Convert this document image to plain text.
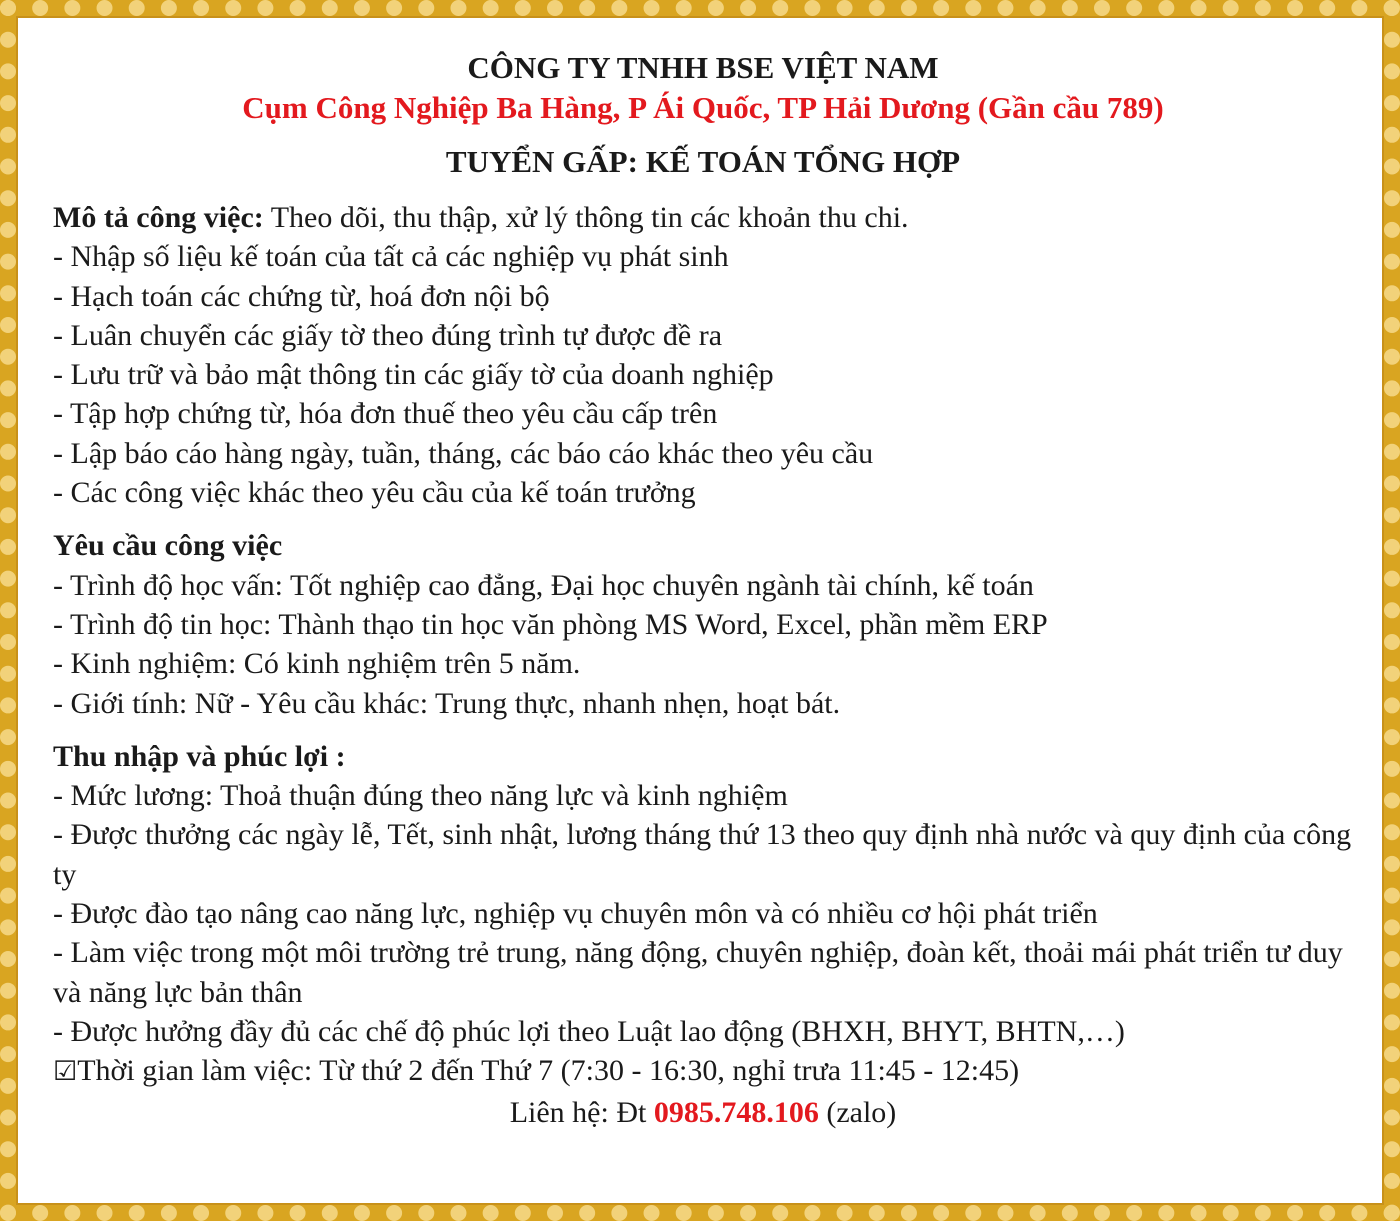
CÔNG TY TNHH BSE VIỆT NAM

Cụm Công Nghiệp Ba Hàng, P Ái Quốc, TP Hải Dương (Gần cầu 789)

TUYỂN GẤP: KẾ TOÁN TỔNG HỢP

Mô tả công việc: Theo dõi, thu thập, xử lý thông tin các khoản thu chi.

- Nhập số liệu kế toán của tất cả các nghiệp vụ phát sinh

- Hạch toán các chứng từ, hoá đơn nội bộ

- Luân chuyển các giấy tờ theo đúng trình tự được đề ra

- Lưu trữ và bảo mật thông tin các giấy tờ của doanh nghiệp

- Tập hợp chứng từ, hóa đơn thuế theo yêu cầu cấp trên

- Lập báo cáo hàng ngày, tuần, tháng, các báo cáo khác theo yêu cầu

- Các công việc khác theo yêu cầu của kế toán trưởng

Yêu cầu công việc

- Trình độ học vấn: Tốt nghiệp cao đẳng, Đại học chuyên ngành tài chính, kế toán

- Trình độ tin học: Thành thạo tin học văn phòng MS Word, Excel, phần mềm ERP

- Kinh nghiệm: Có kinh nghiệm trên 5 năm.

- Giới tính: Nữ - Yêu cầu khác: Trung thực, nhanh nhẹn, hoạt bát.

Thu nhập và phúc lợi :

- Mức lương: Thoả thuận đúng theo năng lực và kinh nghiệm

- Được thưởng các ngày lễ, Tết, sinh nhật, lương tháng thứ 13 theo quy định nhà nước và quy định của công ty

- Được đào tạo nâng cao năng lực, nghiệp vụ chuyên môn và có nhiều cơ hội phát triển

- Làm việc trong một môi trường trẻ trung, năng động, chuyên nghiệp, đoàn kết, thoải mái phát triển tư duy và năng lực bản thân

- Được hưởng đầy đủ các chế độ phúc lợi theo Luật lao động (BHXH, BHYT, BHTN,…)

☑Thời gian làm việc: Từ thứ 2 đến Thứ 7 (7:30 - 16:30, nghỉ trưa 11:45 - 12:45)

Liên hệ: Đt 0985.748.106 (zalo)
